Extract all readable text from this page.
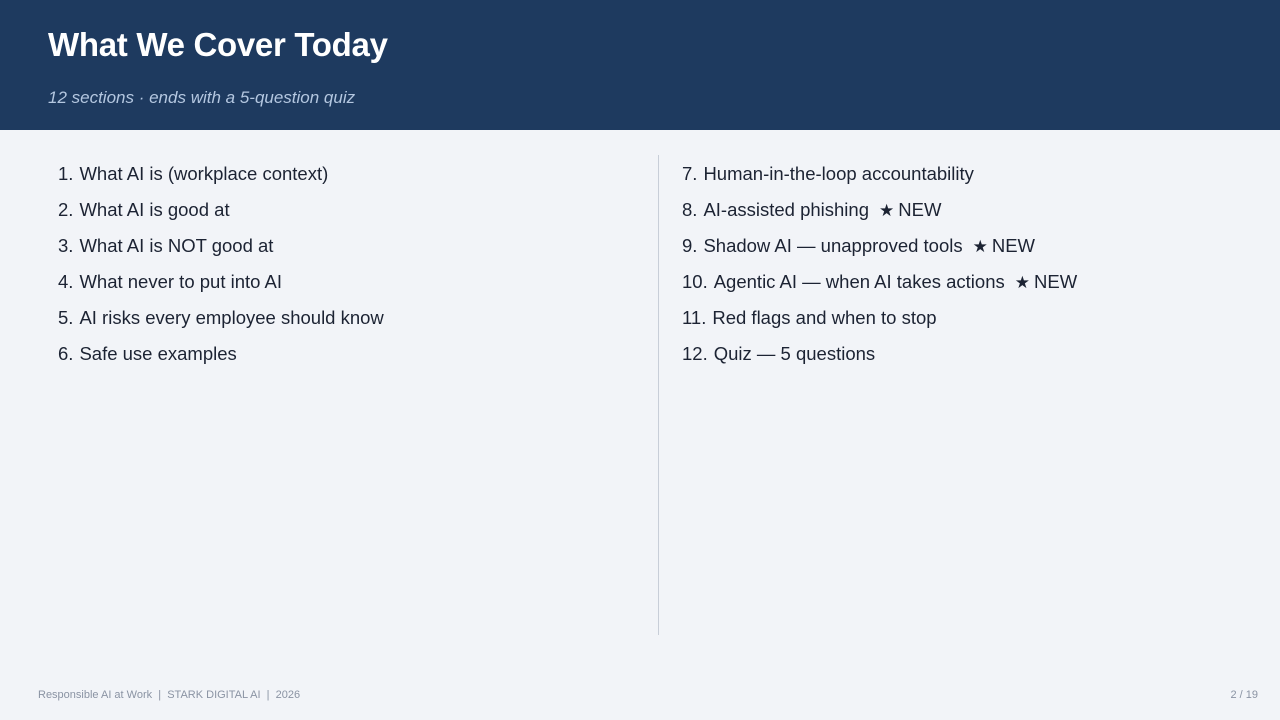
What We Cover Today

12 sections · ends with a 5-question quiz

1. What AI is (workplace context)
2. What AI is good at
3. What AI is NOT good at
4. What never to put into AI
5. AI risks every employee should know
6. Safe use examples
7. Human-in-the-loop accountability
8. AI-assisted phishing ★ NEW
9. Shadow AI — unapproved tools ★ NEW
10. Agentic AI — when AI takes actions ★ NEW
11. Red flags and when to stop
12. Quiz — 5 questions
Responsible AI at Work  |  STARK DIGITAL AI  |  2026	2 / 19
